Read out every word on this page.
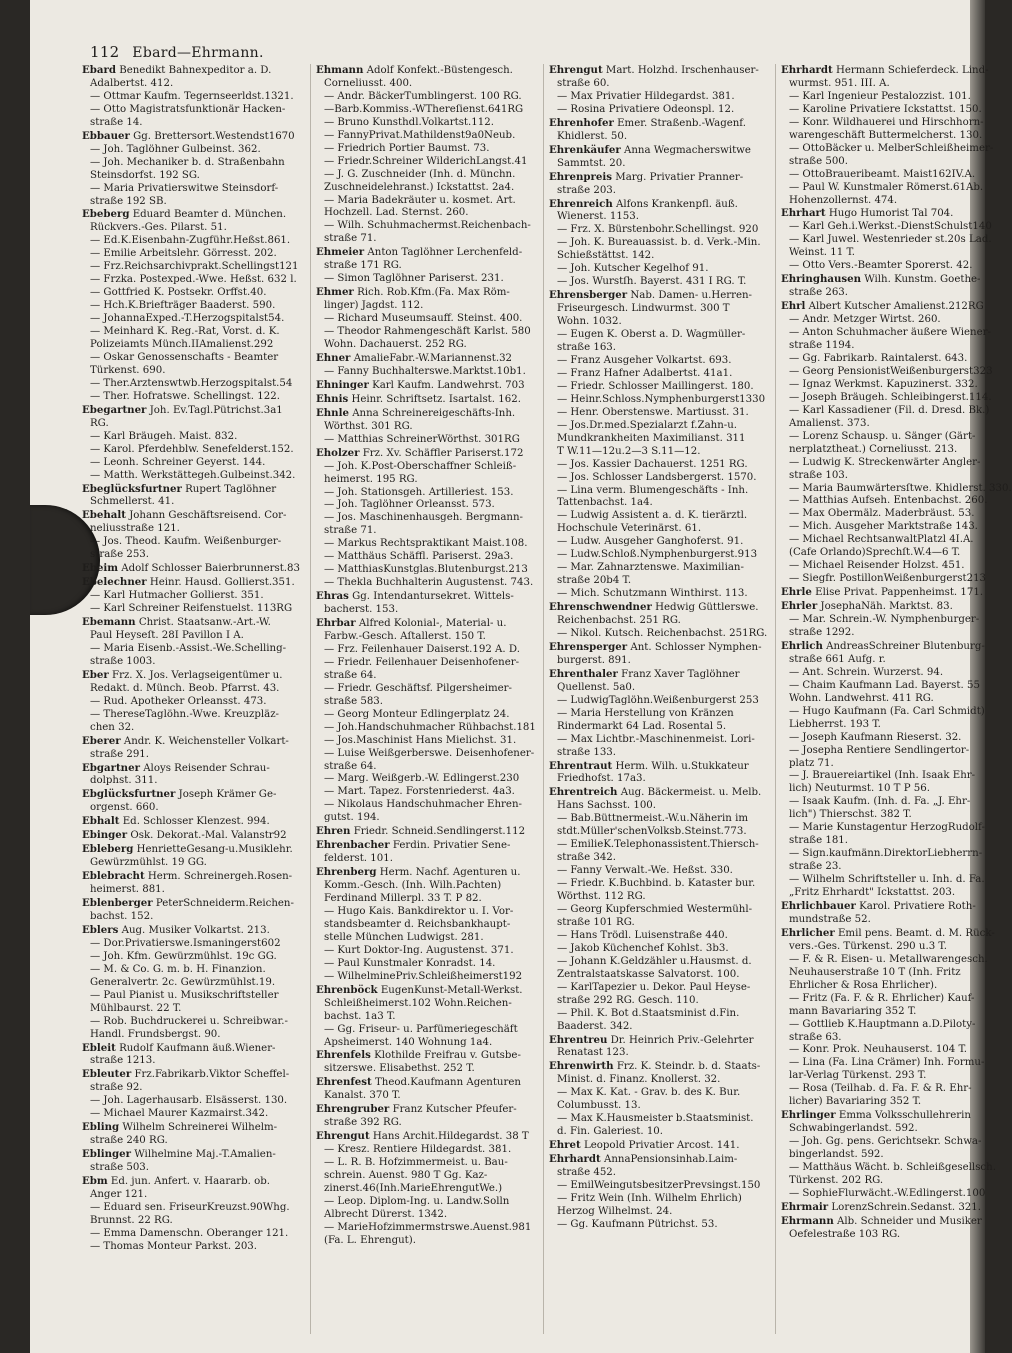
112 Ebard—Ehrmann.

Ebard Benedikt Bahnexpeditor a. D.

Adalbertst. 412.

— Ottmar Kaufm. Tegernseerldst.1321.

— Otto Magistratsfunktionär Hacken-

straße 14.

Ebbauer Gg. Brettersort.Westendst1670

— Joh. Taglöhner Gulbeinst. 362.

— Joh. Mechaniker b. d. Straßenbahn

Steinsdorfst. 192 SG.

— Maria Privatierswitwe Steinsdorf-

straße 192 SB.

Ebeberg Eduard Beamter d. München.

Rückvers.-Ges. Pilarst. 51.

— Ed.K.Eisenbahn-Zugführ.Heßst.861.

— Emilie Arbeitslehr. Görresst. 202.

— Frz.Reichsarchivprakt.Schellingst121

— Frzka. Postexped.-Wwe. Heßst. 632 l.

— Gottfried K. Postsekr. Orffst.40.

— Hch.K.Briefträger Baaderst. 590.

— JohannaExped.-T.Herzogspitalst54.

— Meinhard K. Reg.-Rat, Vorst. d. K.

Polizeiamts Münch.IIAmalienst.292

— Oskar Genossenschafts - Beamter

Türkenst. 690.

— Ther.Arztenswtwb.Herzogspitalst.54

— Ther. Hofratswe. Schellingst. 122.

Ebegartner Joh. Ev.Tagl.Pütrichst.3a1

RG.

— Karl Bräugeh. Maist. 832.

— Karol. Pferdehblw. Senefelderst.152.

— Leonh. Schreiner Geyerst. 144.

— Matth. Werkstättegeh.Gulbeinst.342.

Ebeglücksfurtner Rupert Taglöhner

Schmellerst. 41.

Ebehalt Johann Geschäftsreisend. Cor-

neliusstraße 121.

— Jos. Theod. Kaufm. Weißenburger-

straße 253.

Ebeim Adolf Schlosser Baierbrunnerst.83

Ebelechner Heinr. Hausd. Gollierst.351.

— Karl Hutmacher Gollierst. 351.

— Karl Schreiner Reifenstuelst. 113RG

Ebemann Christ. Staatsanw.-Art.-W.

Paul Heyseſt. 28I Pavillon I A.

— Maria Eisenb.-Assist.-We.Schelling-

straße 1003.

Eber Frz. X. Jos. Verlagseigentümer u.

Redakt. d. Münch. Beob. Pfarrst. 43.

— Rud. Apotheker Orleansst. 473.

— ThereseTaglöhn.-Wwe. Kreuzpläz-

chen 32.

Eberer Andr. K. Weichensteller Volkart-

straße 291.

Ebgartner Aloys Reisender Schrau-

dolphst. 311.

Ebglücksfurtner Joseph Krämer Ge-

orgenst. 660.

Ebhalt Ed. Schlosser Klenzest. 994.

Ebinger Osk. Dekorat.-Mal. Valanstr92

Ebleberg HenrietteGesang-u.Musiklehr.

Gewürzmühlst. 19 GG.

Eblebracht Herm. Schreinergeh.Rosen-

heimerst. 881.

Eblenberger PeterSchneiderm.Reichen-

bachst. 152.

Eblers Aug. Musiker Volkartst. 213.

— Dor.Privatierswe.Ismaningerst602

— Joh. Kfm. Gewürzmühlst. 19c GG.

— M. & Co. G. m. b. H. Finanzion.

Generalvertr. 2c. Gewürzmühlst.19.

— Paul Pianist u. Musikschriftsteller

Mühlbaurst. 22 T.

— Rob. Buchdruckerei u. Schreibwar.-

Handl. Frundsbergst. 90.

Ebleit Rudolf Kaufmann äuß.Wiener-

straße 1213.

Ebleuter Frz.Fabrikarb.Viktor Scheffel-

straße 92.

— Joh. Lagerhausarb. Elsässerst. 130.

— Michael Maurer Kazmairst.342.

Ebling Wilhelm Schreinerei Wilhelm-

straße 240 RG.

Eblinger Wilhelmine Maj.-T.Amalien-

straße 503.

Ebm Ed. jun. Anfert. v. Haararb. ob.

Anger 121.

— Eduard sen. FriseurKreuzst.90Whg.

Brunnst. 22 RG.

— Emma Damenschn. Oberanger 121.

— Thomas Monteur Parkst. 203.

Ehmann Adolf Konfekt.-Büstengesch.

Corneliusst. 400.

— Andr. BäckerTumblingerst. 100 RG.

—Barb.Kommiss.-WThereſienst.641RG

— Bruno Kunsthdl.Volkartst.112.

— FannyPrivat.Mathildenst9a0Neub.

— Friedrich Portier Baumst. 73.

— Friedr.Schreiner WilderichLangst.41

— J. G. Zuschneider (Inh. d. Münchn.

Zuschneidelehranst.) Ickstattst. 2a4.

— Maria Badekräuter u. kosmet. Art.

Hochzell. Lad. Sternst. 260.

— Wilh. Schuhmachermst.Reichenbach-

straße 71.

Ehmeier Anton Taglöhner Lerchenfeld-

straße 171 RG.

— Simon Taglöhner Pariserst. 231.

Ehmer Rich. Rob.Kfm.(Fa. Max Röm-

linger) Jagdst. 112.

— Richard Museumsauff. Steinst. 400.

— Theodor Rahmengeschäft Karlst. 580

Wohn. Dachauerst. 252 RG.

Ehner AmalieFabr.-W.Mariannenst.32

— Fanny Buchhalterswe.Marktst.10b1.

Ehninger Karl Kaufm. Landwehrst. 703

Ehnis Heinr. Schriftsetz. Isartalst. 162.

Ehnle Anna Schreinereigeschäfts-Inh.

Wörthst. 301 RG.

— Matthias SchreinerWörthst. 301RG

Eholzer Frz. Xv. Schäffler Pariserst.172

— Joh. K.Post-Oberschaffner Schleiß-

heimerst. 195 RG.

— Joh. Stationsgeh. Artilleriest. 153.

— Joh. Taglöhner Orleansst. 573.

— Jos. Maschinenhausgeh. Bergmann-

straße 71.

— Markus Rechtspraktikant Maist.108.

— Matthäus Schäffl. Pariserst. 29a3.

— MatthiasKunstglas.Blutenburgst.213

— Thekla Buchhalterin Augustenst. 743.

Ehras Gg. Intendantursekret. Wittels-

bacherst. 153.

Ehrbar Alfred Kolonial-, Material- u.

Farbw.-Gesch. Aſtallerst. 150 T.

— Frz. Feilenhauer Daiserst.192 A. D.

— Friedr. Feilenhauer Deisenhofener-

straße 64.

— Friedr. Geschäftsf. Pilgersheimer-

straße 583.

— Georg Monteur Edlingerplatz 24.

— Joh.Handschuhmacher Rühbachst.181

— Jos.Maschinist Hans Mielichst. 31.

— Luise Weißgerberswe. Deisenhofener-

straße 64.

— Marg. Weißgerb.-W. Edlingerst.230

— Mart. Tapez. Forstenriederst. 4a3.

— Nikolaus Handschuhmacher Ehren-

gutst. 194.

Ehren Friedr. Schneid.Sendlingerst.112

Ehrenbacher Ferdin. Privatier Sene-

felderst. 101.

Ehrenberg Herm. Nachf. Agenturen u.

Komm.-Gesch. (Inh. Wilh.Pachten)

Ferdinand Millerpl. 33 T. P 82.

— Hugo Kais. Bankdirektor u. I. Vor-

standsbeamter d. Reichsbankhaupt-

stelle München Ludwigst. 281.

— Kurt Doktor-Ing. Augustenst. 371.

— Paul Kunstmaler Konradst. 14.

— WilhelminePriv.Schleißheimerst192

Ehrenböck EugenKunst-Metall-Werkst.

Schleißheimerst.102 Wohn.Reichen-

bachst. 1a3 T.

— Gg. Friseur- u. Parfümeriegeschäft

Apsheimerst. 140 Wohnung 1a4.

Ehrenfels Klothilde Freifrau v. Gutsbe-

sitzerswe. Elisabethst. 252 T.

Ehrenfest Theod.Kaufmann Agenturen

Kanalst. 370 T.

Ehrengruber Franz Kutscher Pfeufer-

straße 392 RG.

Ehrengut Hans Archit.Hildegardst. 38 T

— Kresz. Rentiere Hildegardst. 381.

— L. R. B. Hofzimmermeist. u. Bau-

schrein. Auenst. 980 T Gg. Kaz-

zinerst.46(Inh.MarieEhrengutWe.)

— Leop. Diplom-Ing. u. Landw.Solln

Albrecht Dürerst. 1342.

— MarieHofzimmermstrswe.Auenst.981

(Fa. L. Ehrengut).

Ehrengut Mart. Holzhd. Irschenhauser-

straße 60.

— Max Privatier Hildegardst. 381.

— Rosina Privatiere Odeonspl. 12.

Ehrenhofer Emer. Straßenb.-Wagenf.

Khidlerst. 50.

Ehrenkäufer Anna Wegmacherswitwe

Sammtst. 20.

Ehrenpreis Marg. Privatier Pranner-

straße 203.

Ehrenreich Alfons Krankenpfl. äuß.

Wienerst. 1153.

— Frz. X. Bürstenbohr.Schellingst. 920

— Joh. K. Bureauassist. b. d. Verk.-Min.

Schießstättst. 142.

— Joh. Kutscher Kegelhof 91.

— Jos. Wurstſh. Bayerst. 431 I RG. T.

Ehrensberger Nab. Damen- u.Herren-

Friseurgesch. Lindwurmst. 300 T

Wohn. 1032.

— Eugen K. Oberst a. D. Wagmüller-

straße 163.

— Franz Ausgeher Volkartst. 693.

— Franz Hafner Adalbertst. 41a1.

— Friedr. Schlosser Maillingerst. 180.

— Heinr.Schloss.Nymphenburgerst1330

— Henr. Oberstenswe. Martiusst. 31.

— Jos.Dr.med.Spezialarzt f.Zahn-u.

Mundkrankheiten Maximilianst. 311

T W.11—12u.2—3 S.11—12.

— Jos. Kassier Dachauerst. 1251 RG.

— Jos. Schlosser Landsbergerst. 1570.

— Lina verm. Blumengeschäfts - Inh.

Tattenbachst. 1a4.

— Ludwig Assistent a. d. K. tierärztl.

Hochschule Veterinärst. 61.

— Ludw. Ausgeher Ganghoferst. 91.

— Ludw.Schloß.Nymphenburgerst.913

— Mar. Zahnarztenswe. Maximilian-

straße 20b4 T.

— Mich. Schutzmann Winthirst. 113.

Ehrenschwendner Hedwig Güttlerswe.

Reichenbachst. 251 RG.

— Nikol. Kutsch. Reichenbachst. 251RG.

Ehrensperger Ant. Schlosser Nymphen-

burgerst. 891.

Ehrenthaler Franz Xaver Taglöhner

Quellenst. 5a0.

— LudwigTaglöhn.Weißenburgerst 253

— Maria Herstellung von Kränzen

Rindermarkt 64 Lad. Rosental 5.

— Max Lichtbr.-Maschinenmeist. Lori-

straße 133.

Ehrentraut Herm. Wilh. u.Stukkateur

Friedhofst. 17a3.

Ehrentreich Aug. Bäckermeist. u. Melb.

Hans Sachsst. 100.

— Bab.Büttnermeist.-W.u.Näherin im

stdt.Müller'schenVolksb.Steinst.773.

— EmilieK.Telephonassistent.Thiersch-

straße 342.

— Fanny Verwalt.-We. Heßst. 330.

— Friedr. K.Buchbind. b. Kataster bur.

Wörthst. 112 RG.

— Georg Kupferschmied Westermühl-

straße 101 RG.

— Hans Trödl. Luisenstraße 440.

— Jakob Küchenchef Kohlst. 3b3.

— Johann K.Geldzähler u.Hausmst. d.

Zentralstaatskasse Salvatorst. 100.

— KarlTapezier u. Dekor. Paul Heyse-

straße 292 RG. Gesch. 110.

— Phil. K. Bot d.Staatsminist d.Fin.

Baaderst. 342.

Ehrentreu Dr. Heinrich Priv.-Gelehrter

Renatast 123.

Ehrenwirth Frz. K. Steindr. b. d. Staats-

Minist. d. Finanz. Knollerst. 32.

— Max K. Kat. - Grav. b. des K. Bur.

Columbusst. 13.

— Max K.Hausmeister b.Staatsminist.

d. Fin. Galeriest. 10.

Ehret Leopold Privatier Arcost. 141.

Ehrhardt AnnaPensionsinhab.Laim-

straße 452.

— EmilWeingutsbesitzerPrevsingst.150

— Fritz Wein (Inh. Wilhelm Ehrlich)

Herzog Wilhelmst. 24.

— Gg. Kaufmann Pütrichst. 53.

Ehrhardt Hermann Schieferdeck. Lind-

wurmst. 951. III. A.

— Karl Ingenieur Pestalozzist. 101.

— Karoline Privatiere Ickstattst. 150.

— Konr. Wildhauerei und Hirschhorn-

warengeschäft Buttermelcherst. 130.

— OttoBäcker u. MelberSchleißheimer-

straße 500.

— OttoBraueribeamt. Maist162IV.A.

— Paul W. Kunstmaler Römerst.61Ab.

Hohenzollernst. 474.

Ehrhart Hugo Humorist Tal 704.

— Karl Geh.i.Werkst.-DienstSchulst140

— Karl Juwel. Westenrieder st.20s Lad.

Weinst. 11 T.

— Otto Vers.-Beamter Sporerst. 42.

Ehringhausen Wilh. Kunstm. Goethe-

straße 263.

Ehrl Albert Kutscher Amalienst.212RG

— Andr. Metzger Wirtst. 260.

— Anton Schuhmacher äußere Wiener-

straße 1194.

— Gg. Fabrikarb. Raintalerst. 643.

— Georg PensionistWeißenburgerst323

— Ignaz Werkmst. Kapuzinerst. 332.

— Joseph Bräugeh. Schleibingerst.114.

— Karl Kassadiener (Fil. d. Dresd. Bk.)

Amalienst. 373.

— Lorenz Schausp. u. Sänger (Gärt-

nerplatztheat.) Corneliusst. 213.

— Ludwig K. Streckenwärter Angler-

straße 103.

— Maria Baumwärtersſtwe. Khidlerst. 330.

— Matthias Aufseh. Entenbachst. 260.

— Max Obermälz. Maderbräust. 53.

— Mich. Ausgeher Marktstraße 143.

— Michael RechtsanwaltPlatzl 4I.A.

(Cafe Orlando)Sprechſt.W.4—6 T.

— Michael Reisender Holzst. 451.

— Siegfr. PostillonWeißenburgerst213

Ehrle Elise Privat. Pappenheimst. 171.

Ehrler JosephaNäh. Marktst. 83.

— Mar. Schrein.-W. Nymphenburger-

straße 1292.

Ehrlich AndreasSchreiner Blutenburg-

straße 661 Aufg. r.

— Ant. Schrein. Wurzerst. 94.

— Chaim Kaufmann Lad. Bayerst. 55

Wohn. Landwehrst. 411 RG.

— Hugo Kaufmann (Fa. Carl Schmidt)

Liebherrst. 193 T.

— Joseph Kaufmann Rieserst. 32.

— Josepha Rentiere Sendlingertor-

platz 71.

— J. Brauereiartikel (Inh. Isaak Ehr-

lich) Neuturmst. 10 T P 56.

— Isaak Kaufm. (Inh. d. Fa. „J. Ehr-

lich") Thierschst. 382 T.

— Marie Kunstagentur HerzogRudolf-

straße 181.

— Sign.kaufmänn.DirektorLiebherrn-

straße 23.

— Wilhelm Schriftsteller u. Inh. d. Fa.

„Fritz Ehrhardt" Ickstattst. 203.

Ehrlichbauer Karol. Privatiere Roth-

mundstraße 52.

Ehrlicher Emil pens. Beamt. d. M. Rück-

vers.-Ges. Türkenst. 290 u.3 T.

— F. & R. Eisen- u. Metallwarengesch.

Neuhauserstraße 10 T (Inh. Fritz

Ehrlicher & Rosa Ehrlicher).

— Fritz (Fa. F. & R. Ehrlicher) Kauf-

mann Bavariaring 352 T.

— Gottlieb K.Hauptmann a.D.Piloty-

straße 63.

— Konr. Prok. Neuhauserst. 104 T.

— Lina (Fa. Lina Crämer) Inh. Formu-

lar-Verlag Türkenst. 293 T.

— Rosa (Teilhab. d. Fa. F. & R. Ehr-

licher) Bavariaring 352 T.

Ehrlinger Emma Volksschullehrerin

Schwabingerlandst. 592.

— Joh. Gg. pens. Gerichtsekr. Schwa-

bingerlandst. 592.

— Matthäus Wächt. b. Schleißgesellsch.

Türkenst. 202 RG.

— SophieFlurwächt.-W.Edlingerst.100

Ehrmair LorenzSchrein.Sedanst. 321.

Ehrmann Alb. Schneider und Musiker

Oefelestraße 103 RG.
